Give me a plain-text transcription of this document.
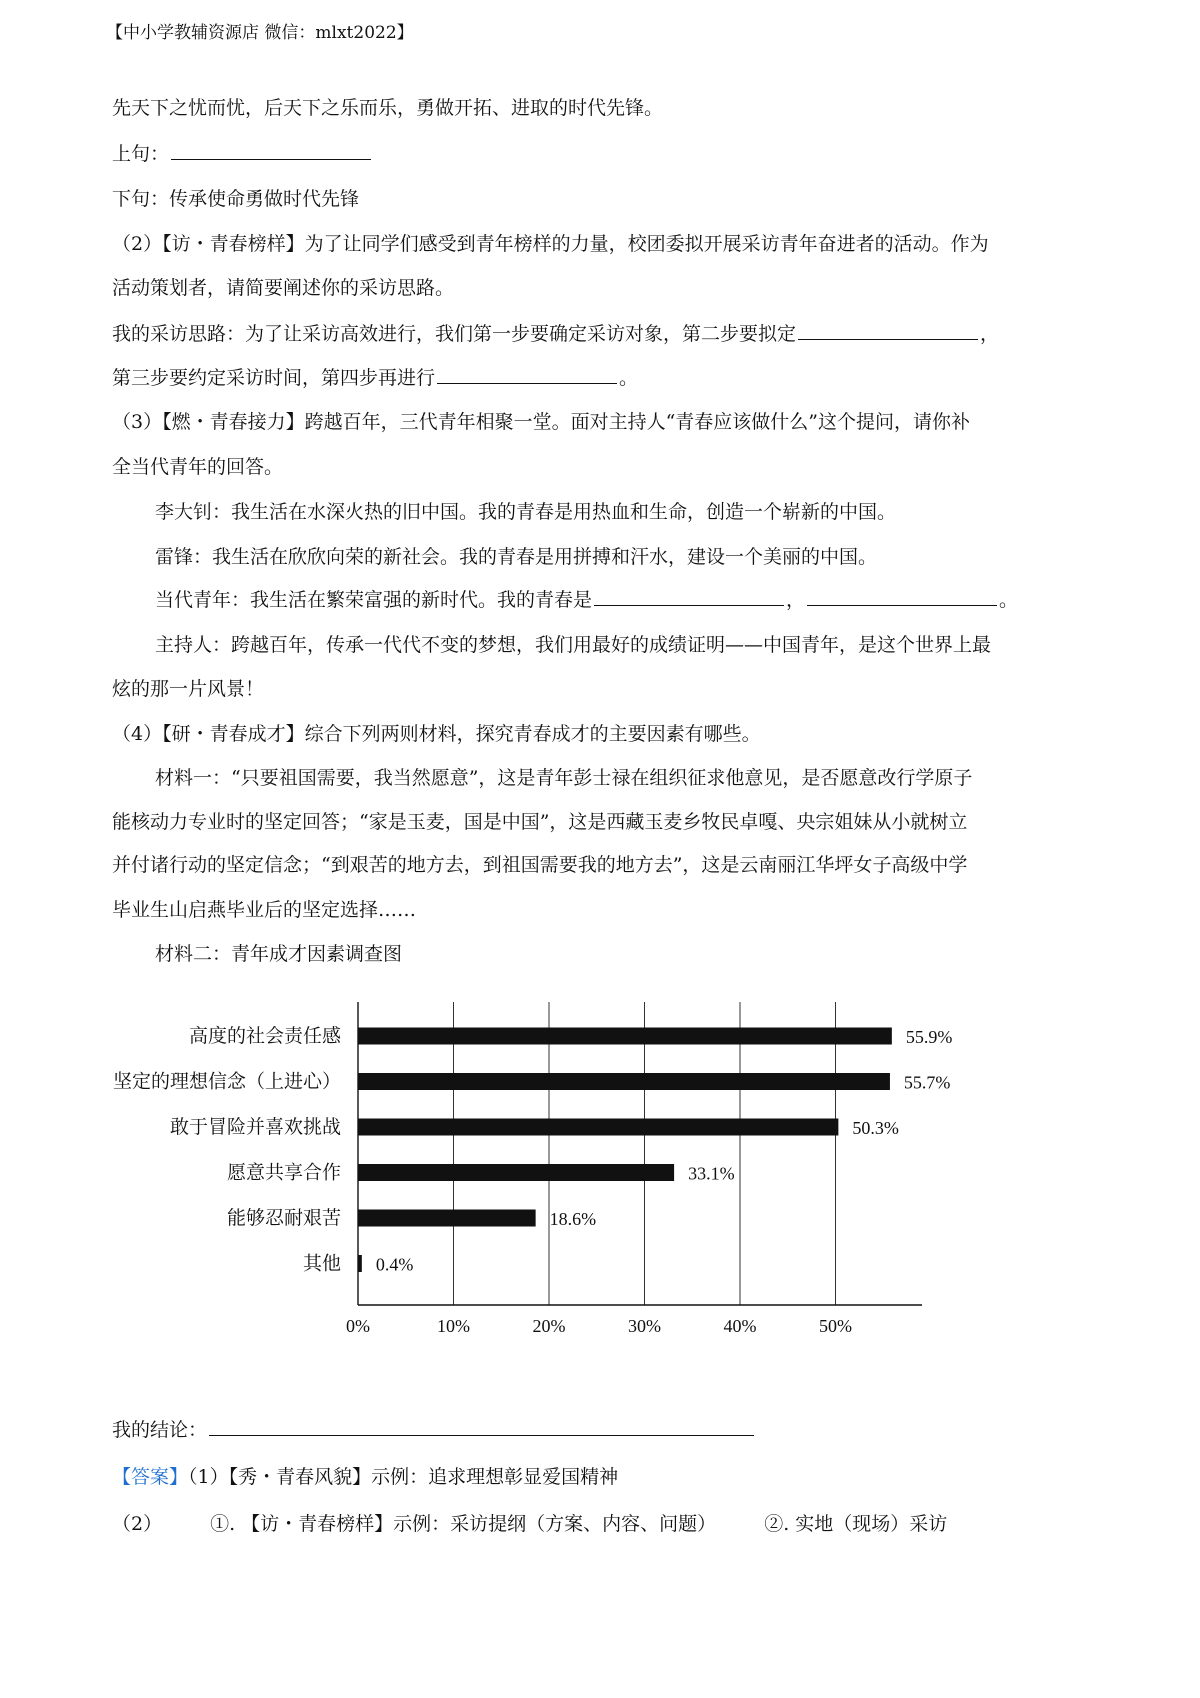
【中小学教辅资源店 微信：mlxt2022】
先天下之忧而忧，后天下之乐而乐，勇做开拓、进取的时代先锋。
上句：
下句：传承使命勇做时代先锋
（2）【访・青春榜样】为了让同学们感受到青年榜样的力量，校团委拟开展采访青年奋进者的活动。作为
活动策划者，请简要阐述你的采访思路。
我的采访思路：为了让采访高效进行，我们第一步要确定采访对象，第二步要拟定	，
第三步要约定采访时间，第四步再进行	。
（3）【燃・青春接力】跨越百年，三代青年相聚一堂。面对主持人“青春应该做什么”这个提问，请你补
全当代青年的回答。
李大钊：我生活在水深火热的旧中国。我的青春是用热血和生命，创造一个崭新的中国。
雷锋：我生活在欣欣向荣的新社会。我的青春是用拼搏和汗水，建设一个美丽的中国。
当代青年：我生活在繁荣富强的新时代。我的青春是	，	。
主持人：跨越百年，传承一代代不变的梦想，我们用最好的成绩证明——中国青年，是这个世界上最
炫的那一片风景！
（4）【研・青春成才】综合下列两则材料，探究青春成才的主要因素有哪些。
材料一：“只要祖国需要，我当然愿意”，这是青年彭士禄在组织征求他意见，是否愿意改行学原子
能核动力专业时的坚定回答；“家是玉麦，国是中国”，这是西藏玉麦乡牧民卓嘎、央宗姐妹从小就树立
并付诸行动的坚定信念；“到艰苦的地方去，到祖国需要我的地方去”，这是云南丽江华坪女子高级中学
毕业生山启燕毕业后的坚定选择……
材料二：青年成才因素调查图
0%	10%	20%	30%	40%	50%
高度的社会责任感	55.9%
坚定的理想信念（上进心）	55.7%
敢于冒险并喜欢挑战	50.3%
愿意共享合作	33.1%
能够忍耐艰苦	18.6%
其他 0.4%
我的结论：
【答案】（1）【秀・青春风貌】示例：追求理想彰显爱国精神
（2）	①. 【访・青春榜样】示例：采访提纲（方案、内容、问题）	②. 实地（现场）采访
